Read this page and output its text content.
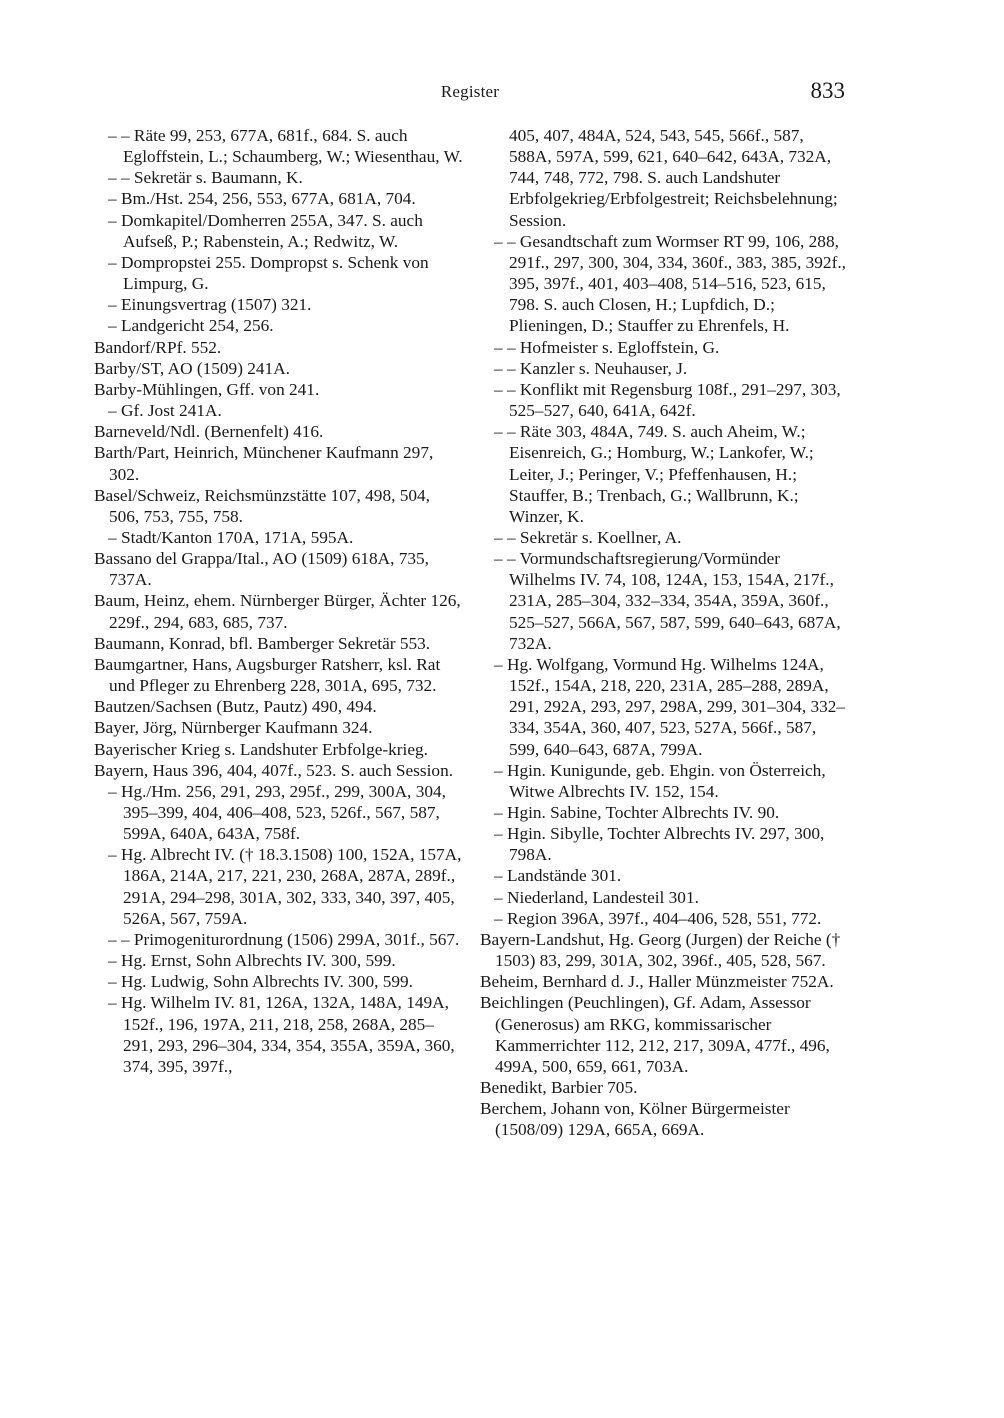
Register	833

– – Räte 99, 253, 677A, 681f., 684. S. auch Egloffstein, L.; Schaumberg, W.; Wiesenthau, W.

– – Sekretär s. Baumann, K.

– Bm./Hst. 254, 256, 553, 677A, 681A, 704.

– Domkapitel/Domherren 255A, 347. S. auch Aufseß, P.; Rabenstein, A.; Redwitz, W.

– Dompropstei 255. Dompropst s. Schenk von Limpurg, G.

– Einungsvertrag (1507) 321.

– Landgericht 254, 256.

Bandorf/RPf. 552.

Barby/ST, AO (1509) 241A.

Barby-Mühlingen, Gff. von 241.

– Gf. Jost 241A.

Barneveld/Ndl. (Bernenfelt) 416.

Barth/Part, Heinrich, Münchener Kaufmann 297, 302.

Basel/Schweiz, Reichsmünzstätte 107, 498, 504, 506, 753, 755, 758.

– Stadt/Kanton 170A, 171A, 595A.

Bassano del Grappa/Ital., AO (1509) 618A, 735, 737A.

Baum, Heinz, ehem. Nürnberger Bürger, Ächter 126, 229f., 294, 683, 685, 737.

Baumann, Konrad, bfl. Bamberger Sekretär 553.

Baumgartner, Hans, Augsburger Ratsherr, ksl. Rat und Pfleger zu Ehrenberg 228, 301A, 695, 732.

Bautzen/Sachsen (Butz, Pautz) 490, 494.

Bayer, Jörg, Nürnberger Kaufmann 324.

Bayerischer Krieg s. Landshuter Erbfolge-krieg.

Bayern, Haus 396, 404, 407f., 523. S. auch Session.

– Hg./Hm. 256, 291, 293, 295f., 299, 300A, 304, 395–399, 404, 406–408, 523, 526f., 567, 587, 599A, 640A, 643A, 758f.

– Hg. Albrecht IV. († 18.3.1508) 100, 152A, 157A, 186A, 214A, 217, 221, 230, 268A, 287A, 289f., 291A, 294–298, 301A, 302, 333, 340, 397, 405, 526A, 567, 759A.

– – Primogeniturordnung (1506) 299A, 301f., 567.

– Hg. Ernst, Sohn Albrechts IV. 300, 599.

– Hg. Ludwig, Sohn Albrechts IV. 300, 599.

– Hg. Wilhelm IV. 81, 126A, 132A, 148A, 149A, 152f., 196, 197A, 211, 218, 258, 268A, 285–291, 293, 296–304, 334, 354, 355A, 359A, 360, 374, 395, 397f.,

405, 407, 484A, 524, 543, 545, 566f., 587, 588A, 597A, 599, 621, 640–642, 643A, 732A, 744, 748, 772, 798. S. auch Landshuter Erbfolgekrieg/Erbfolgestreit; Reichsbelehnung; Session.

– – Gesandtschaft zum Wormser RT 99, 106, 288, 291f., 297, 300, 304, 334, 360f., 383, 385, 392f., 395, 397f., 401, 403–408, 514–516, 523, 615, 798. S. auch Closen, H.; Lupfdich, D.; Plieningen, D.; Stauffer zu Ehrenfels, H.

– – Hofmeister s. Egloffstein, G.

– – Kanzler s. Neuhauser, J.

– – Konflikt mit Regensburg 108f., 291–297, 303, 525–527, 640, 641A, 642f.

– – Räte 303, 484A, 749. S. auch Aheim, W.; Eisenreich, G.; Homburg, W.; Lankofer, W.; Leiter, J.; Peringer, V.; Pfeffenhausen, H.; Stauffer, B.; Trenbach, G.; Wallbrunn, K.; Winzer, K.

– – Sekretär s. Koellner, A.

– – Vormundschaftsregierung/Vormünder Wilhelms IV. 74, 108, 124A, 153, 154A, 217f., 231A, 285–304, 332–334, 354A, 359A, 360f., 525–527, 566A, 567, 587, 599, 640–643, 687A, 732A.

– Hg. Wolfgang, Vormund Hg. Wilhelms 124A, 152f., 154A, 218, 220, 231A, 285–288, 289A, 291, 292A, 293, 297, 298A, 299, 301–304, 332–334, 354A, 360, 407, 523, 527A, 566f., 587, 599, 640–643, 687A, 799A.

– Hgin. Kunigunde, geb. Ehgin. von Österreich, Witwe Albrechts IV. 152, 154.

– Hgin. Sabine, Tochter Albrechts IV. 90.

– Hgin. Sibylle, Tochter Albrechts IV. 297, 300, 798A.

– Landstände 301.

– Niederland, Landesteil 301.

– Region 396A, 397f., 404–406, 528, 551, 772.

Bayern-Landshut, Hg. Georg (Jurgen) der Reiche († 1503) 83, 299, 301A, 302, 396f., 405, 528, 567.

Beheim, Bernhard d. J., Haller Münzmeister 752A.

Beichlingen (Peuchlingen), Gf. Adam, Assessor (Generosus) am RKG, kommissarischer Kammerrichter 112, 212, 217, 309A, 477f., 496, 499A, 500, 659, 661, 703A.

Benedikt, Barbier 705.

Berchem, Johann von, Kölner Bürgermeister (1508/09) 129A, 665A, 669A.
